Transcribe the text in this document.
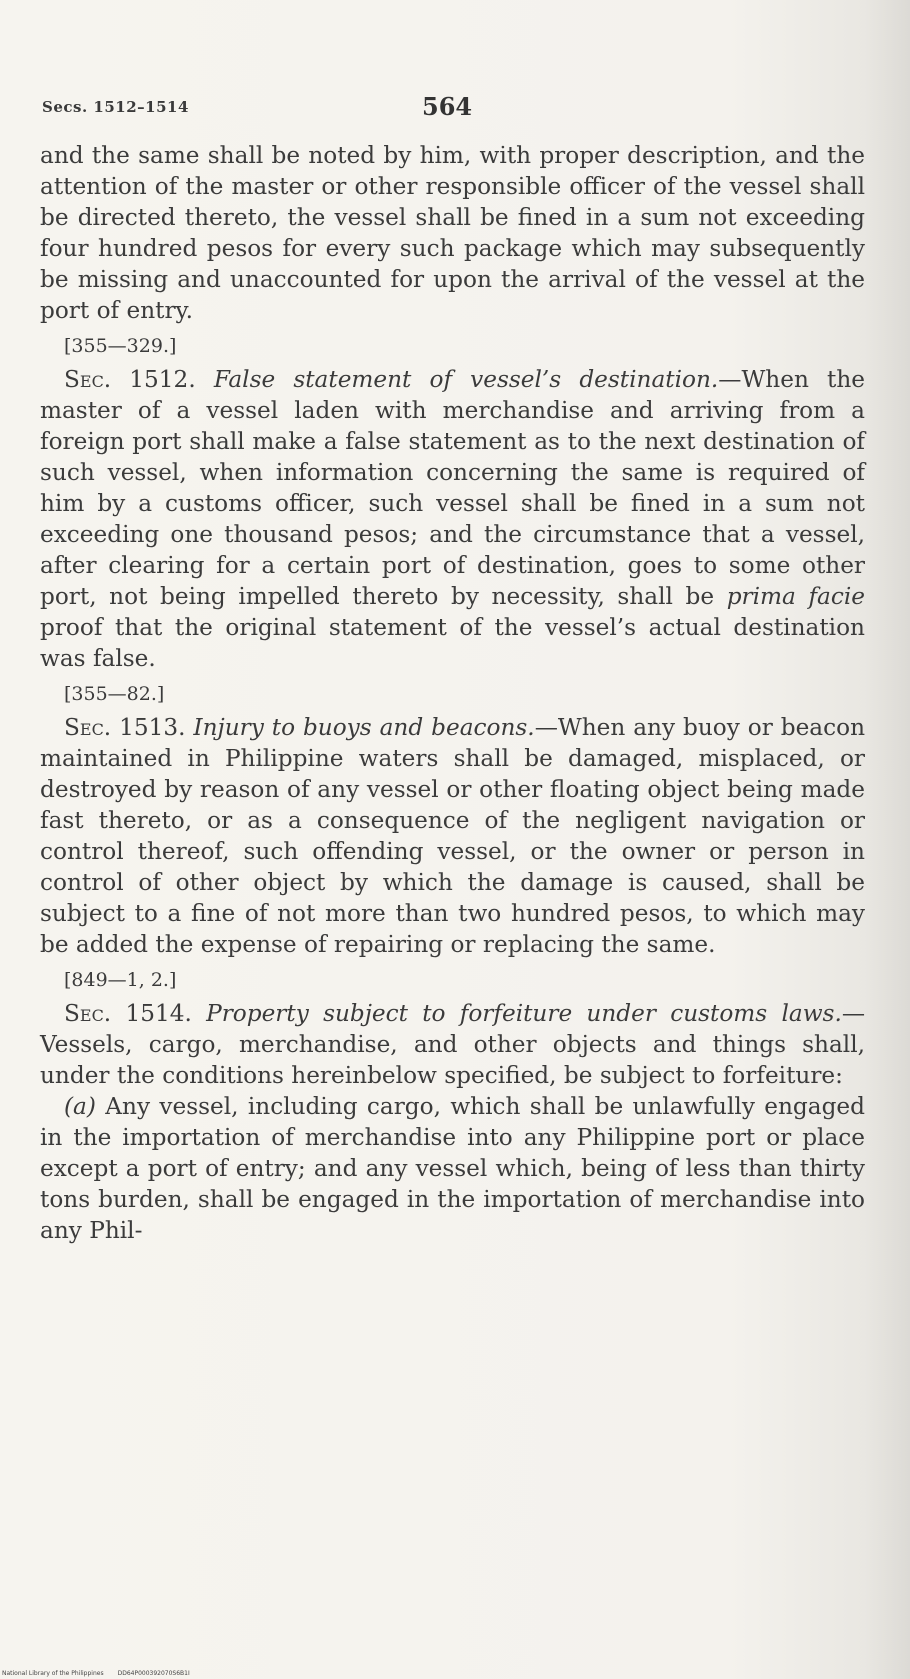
Secs. 1512–1514	564

and the same shall be noted by him, with proper description, and the attention of the master or other responsible officer of the vessel shall be directed thereto, the vessel shall be fined in a sum not exceeding four hundred pesos for every such package which may subsequently be missing and unaccounted for upon the arrival of the vessel at the port of entry.

[355—329.]

Sec. 1512. False statement of vessel’s destination.—When the master of a vessel laden with merchandise and arriving from a foreign port shall make a false statement as to the next destination of such vessel, when information concerning the same is required of him by a customs officer, such vessel shall be fined in a sum not exceeding one thousand pesos; and the circumstance that a vessel, after clearing for a certain port of destination, goes to some other port, not being impelled thereto by necessity, shall be prima facie proof that the original statement of the vessel’s actual destination was false.

[355—82.]

Sec. 1513. Injury to buoys and beacons.—When any buoy or beacon maintained in Philippine waters shall be damaged, misplaced, or destroyed by reason of any vessel or other floating object being made fast thereto, or as a consequence of the negligent navigation or control thereof, such offending vessel, or the owner or person in control of other object by which the damage is caused, shall be subject to a fine of not more than two hundred pesos, to which may be added the expense of repairing or replacing the same.

[849—1, 2.]

Sec. 1514. Property subject to forfeiture under customs laws.—Vessels, cargo, merchandise, and other objects and things shall, under the conditions hereinbelow specified, be subject to forfeiture:

(a) Any vessel, including cargo, which shall be unlawfully engaged in the importation of merchandise into any Philippine port or place except a port of entry; and any vessel which, being of less than thirty tons burden, shall be engaged in the importation of merchandise into any Phil-

National Library of the Philippines DD64P000392070S6B1I
